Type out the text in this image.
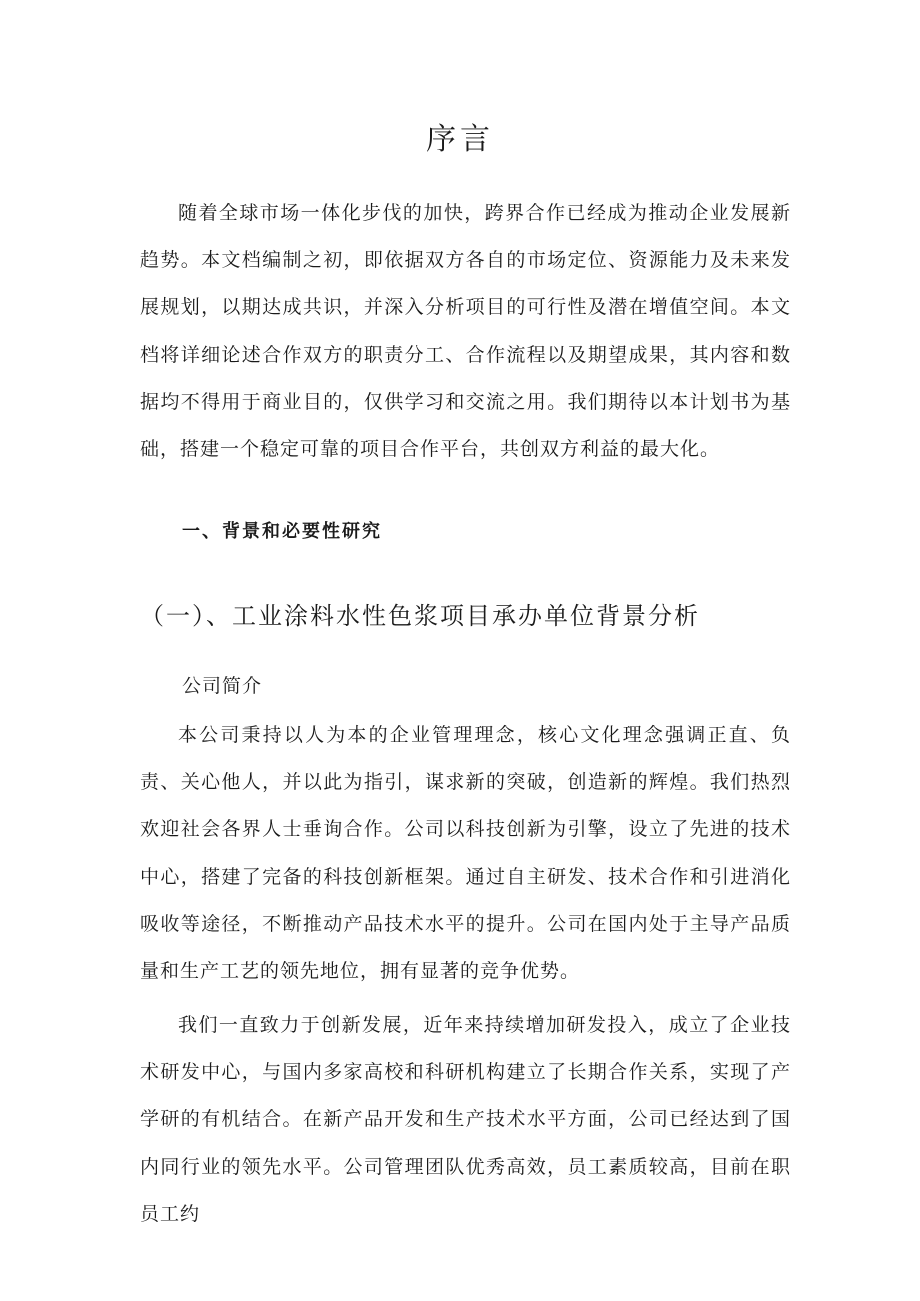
序言

随着全球市场一体化步伐的加快，跨界合作已经成为推动企业发展新趋势。本文档编制之初，即依据双方各自的市场定位、资源能力及未来发展规划，以期达成共识，并深入分析项目的可行性及潜在增值空间。本文档将详细论述合作双方的职责分工、合作流程以及期望成果，其内容和数据均不得用于商业目的，仅供学习和交流之用。我们期待以本计划书为基础，搭建一个稳定可靠的项目合作平台，共创双方利益的最大化。

一、背景和必要性研究
（一）、工业涂料水性色浆项目承办单位背景分析
公司简介

本公司秉持以人为本的企业管理理念，核心文化理念强调正直、负责、关心他人，并以此为指引，谋求新的突破，创造新的辉煌。我们热烈欢迎社会各界人士垂询合作。公司以科技创新为引擎，设立了先进的技术中心，搭建了完备的科技创新框架。通过自主研发、技术合作和引进消化吸收等途径，不断推动产品技术水平的提升。公司在国内处于主导产品质量和生产工艺的领先地位，拥有显著的竞争优势。

我们一直致力于创新发展，近年来持续增加研发投入，成立了企业技术研发中心，与国内多家高校和科研机构建立了长期合作关系，实现了产学研的有机结合。在新产品开发和生产技术水平方面，公司已经达到了国内同行业的领先水平。公司管理团队优秀高效，员工素质较高，目前在职员工约
